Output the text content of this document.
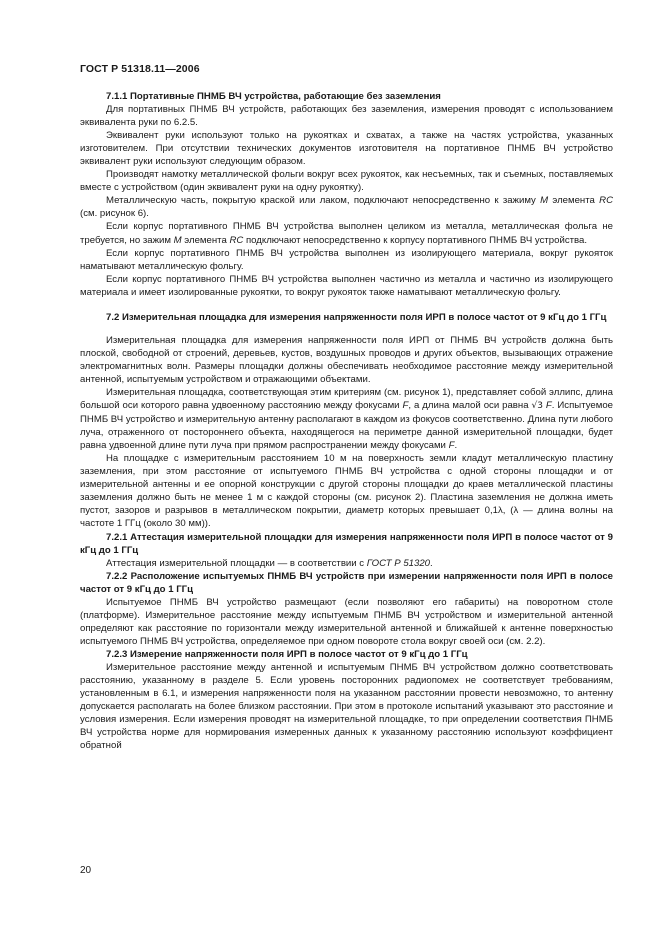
ГОСТ Р 51318.11—2006

7.1.1 Портативные ПНМБ ВЧ устройства, работающие без заземления

Для портативных ПНМБ ВЧ устройств, работающих без заземления, измерения проводят с использованием эквивалента руки по 6.2.5.

Эквивалент руки используют только на рукоятках и схватах, а также на частях устройства, указанных изготовителем. При отсутствии технических документов изготовителя на портативное ПНМБ ВЧ устройство эквивалент руки используют следующим образом.

Производят намотку металлической фольги вокруг всех рукояток, как несъемных, так и съемных, поставляемых вместе с устройством (один эквивалент руки на одну рукоятку).

Металлическую часть, покрытую краской или лаком, подключают непосредственно к зажиму M элемента RC (см. рисунок 6).

Если корпус портативного ПНМБ ВЧ устройства выполнен целиком из металла, металлическая фольга не требуется, но зажим M элемента RC подключают непосредственно к корпусу портативного ПНМБ ВЧ устройства.

Если корпус портативного ПНМБ ВЧ устройства выполнен из изолирующего материала, вокруг рукояток наматывают металлическую фольгу.

Если корпус портативного ПНМБ ВЧ устройства выполнен частично из металла и частично из изолирующего материала и имеет изолированные рукоятки, то вокруг рукояток также наматывают металлическую фольгу.

7.2 Измерительная площадка для измерения напряженности поля ИРП в полосе частот от 9 кГц до 1 ГГц

Измерительная площадка для измерения напряженности поля ИРП от ПНМБ ВЧ устройств должна быть плоской, свободной от строений, деревьев, кустов, воздушных проводов и других объектов, вызывающих отражение электромагнитных волн. Размеры площадки должны обеспечивать необходимое расстояние между измерительной антенной, испытуемым устройством и отражающими объектами.

Измерительная площадка, соответствующая этим критериям (см. рисунок 1), представляет собой эллипс, длина большой оси которого равна удвоенному расстоянию между фокусами F, а длина малой оси равна √3 F. Испытуемое ПНМБ ВЧ устройство и измерительную антенну располагают в каждом из фокусов соответственно. Длина пути любого луча, отраженного от постороннего объекта, находящегося на периметре данной измерительной площадки, будет равна удвоенной длине пути луча при прямом распространении между фокусами F.

На площадке с измерительным расстоянием 10 м на поверхность земли кладут металлическую пластину заземления, при этом расстояние от испытуемого ПНМБ ВЧ устройства с одной стороны площадки и от измерительной антенны и ее опорной конструкции с другой стороны площадки до краев металлической пластины заземления должно быть не менее 1 м с каждой стороны (см. рисунок 2). Пластина заземления не должна иметь пустот, зазоров и разрывов в металлическом покрытии, диаметр которых превышает 0,1λ, (λ — длина волны на частоте 1 ГГц (около 30 мм)).

7.2.1 Аттестация измерительной площадки для измерения напряженности поля ИРП в полосе частот от 9 кГц до 1 ГГц

Аттестация измерительной площадки — в соответствии с ГОСТ Р 51320.

7.2.2 Расположение испытуемых ПНМБ ВЧ устройств при измерении напряженности поля ИРП в полосе частот от 9 кГц до 1 ГГц

Испытуемое ПНМБ ВЧ устройство размещают (если позволяют его габариты) на поворотном столе (платформе). Измерительное расстояние между испытуемым ПНМБ ВЧ устройством и измерительной антенной определяют как расстояние по горизонтали между измерительной антенной и ближайшей к антенне поверхностью испытуемого ПНМБ ВЧ устройства, определяемое при одном повороте стола вокруг своей оси (см. 2.2).

7.2.3 Измерение напряженности поля ИРП в полосе частот от 9 кГц до 1 ГГц

Измерительное расстояние между антенной и испытуемым ПНМБ ВЧ устройством должно соответствовать расстоянию, указанному в разделе 5. Если уровень посторонних радиопомех не соответствует требованиям, установленным в 6.1, и измерения напряженности поля на указанном расстоянии провести невозможно, то антенну допускается располагать на более близком расстоянии. При этом в протоколе испытаний указывают это расстояние и условия измерения. Если измерения проводят на измерительной площадке, то при определении соответствия ПНМБ ВЧ устройства норме для нормирования измеренных данных к указанному расстоянию используют коэффициент обратной

20
